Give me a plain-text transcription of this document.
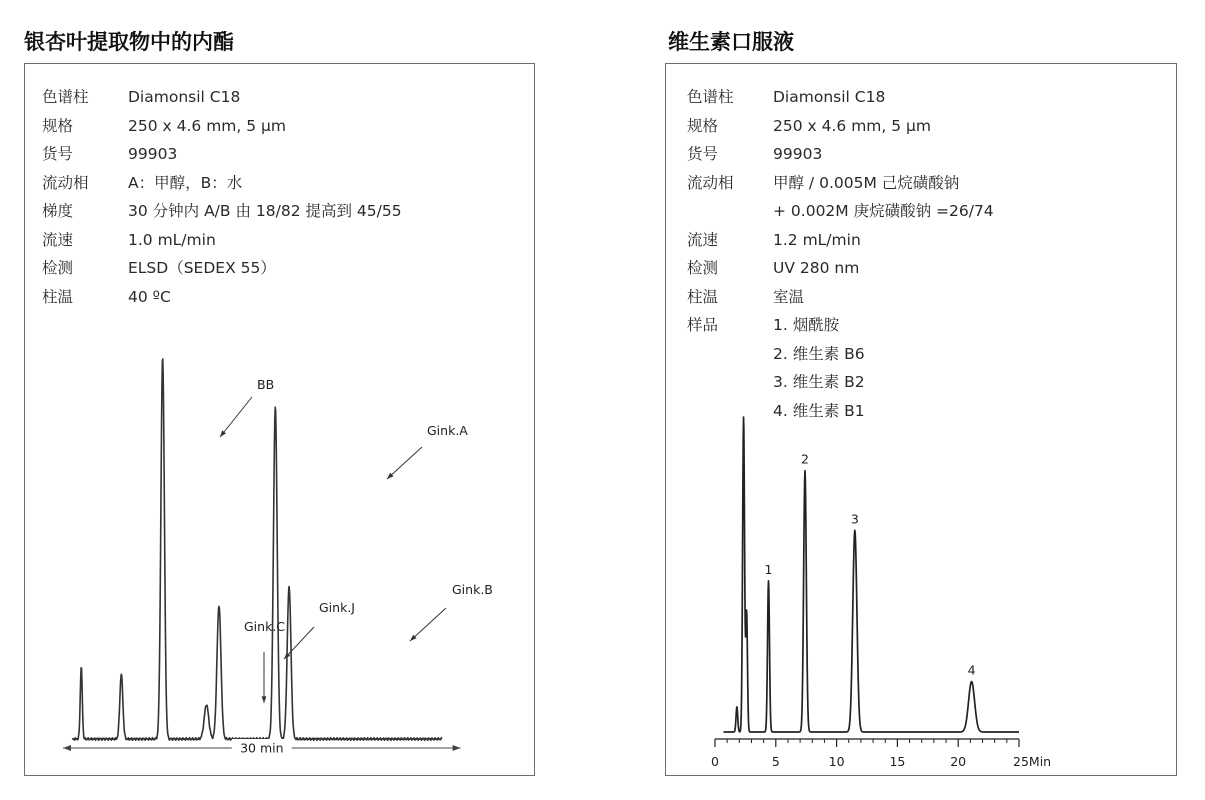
银杏叶提取物中的内酯
色谱柱	Diamonsil C18
规格	250 x 4.6 mm, 5 μm
货号	99903
流动相	A：甲醇，B：水
梯度	30 分钟内 A/B 由 18/82 提高到 45/55
流速	1.0 mL/min
检测	ELSD（SEDEX 55）
柱温	40 ºC
BB
Gink.C
Gink.J
Gink.A
Gink.B
30 min
维生素口服液
色谱柱	Diamonsil C18
规格	250 x 4.6 mm, 5 μm
货号	99903
流动相	甲醇 / 0.005M 己烷磺酸钠
+ 0.002M 庚烷磺酸钠 =26/74
流速	1.2 mL/min
检测	UV 280 nm
柱温	室温
样品	1. 烟酰胺
2. 维生素 B6
3. 维生素 B2
4. 维生素 B1
0	5	10	15	20	25Min
1
2
3
4
